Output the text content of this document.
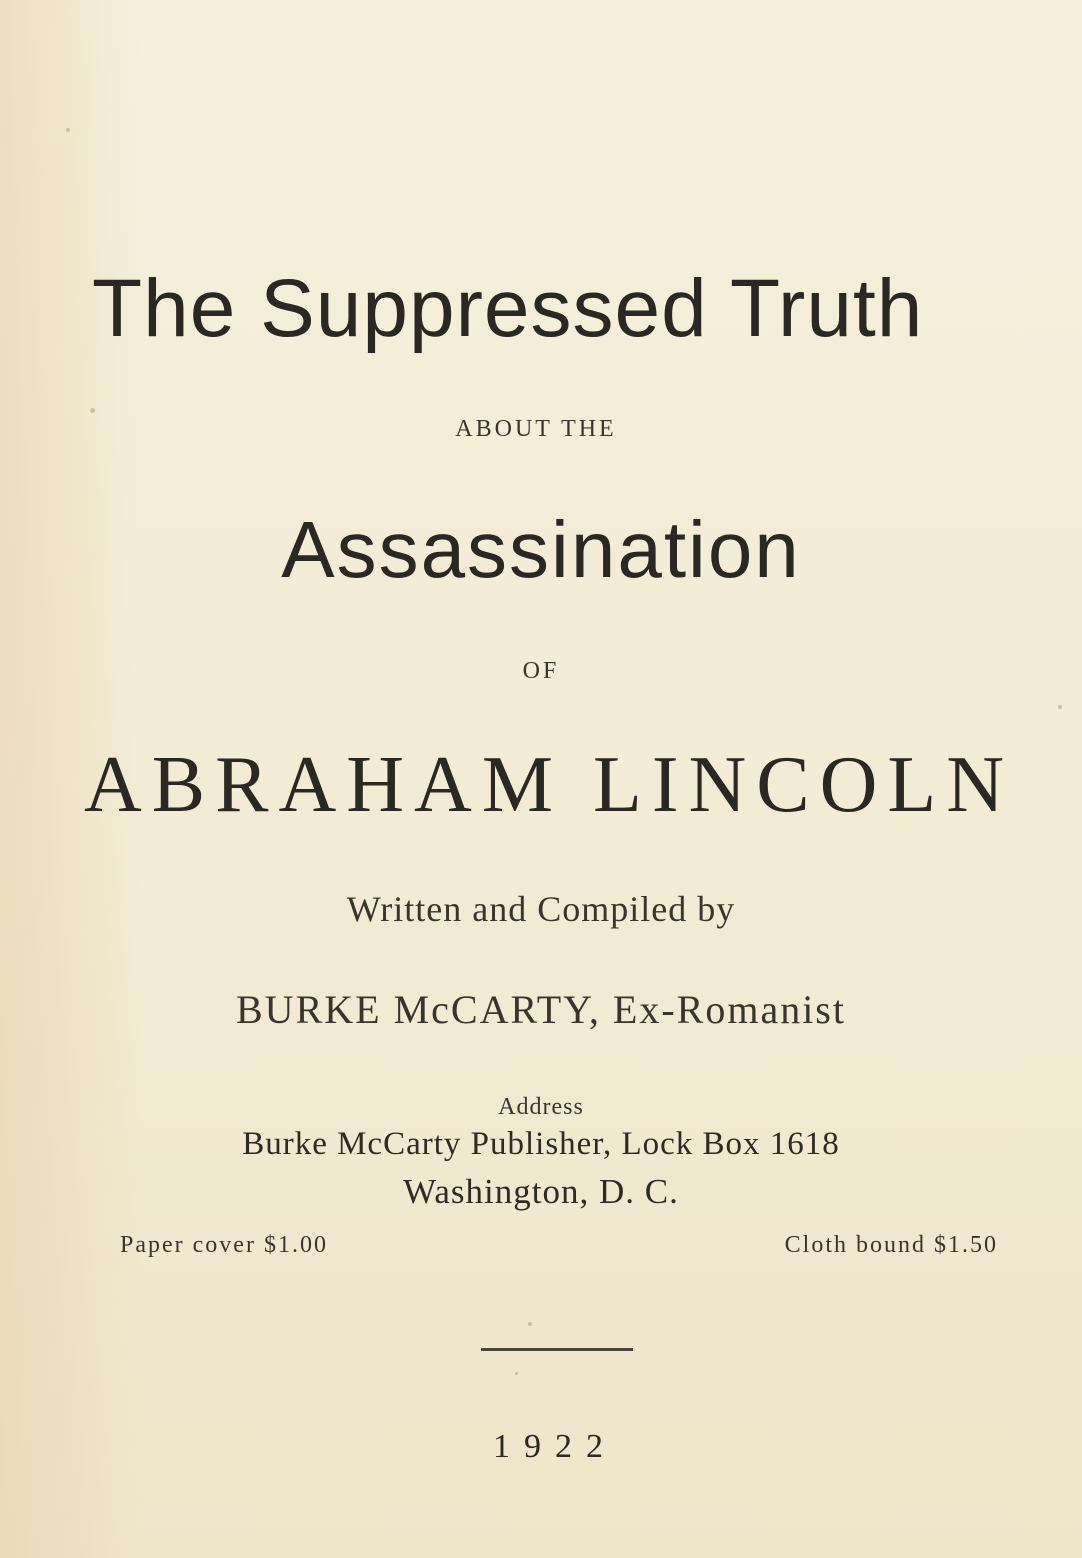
The Suppressed Truth

ABOUT THE

Assassination

OF

ABRAHAM LINCOLN

Written and Compiled by

BURKE McCARTY, Ex-Romanist

Address

Burke McCarty Publisher, Lock Box 1618

Washington, D. C.

Paper cover $1.00	Cloth bound $1.50

1922
